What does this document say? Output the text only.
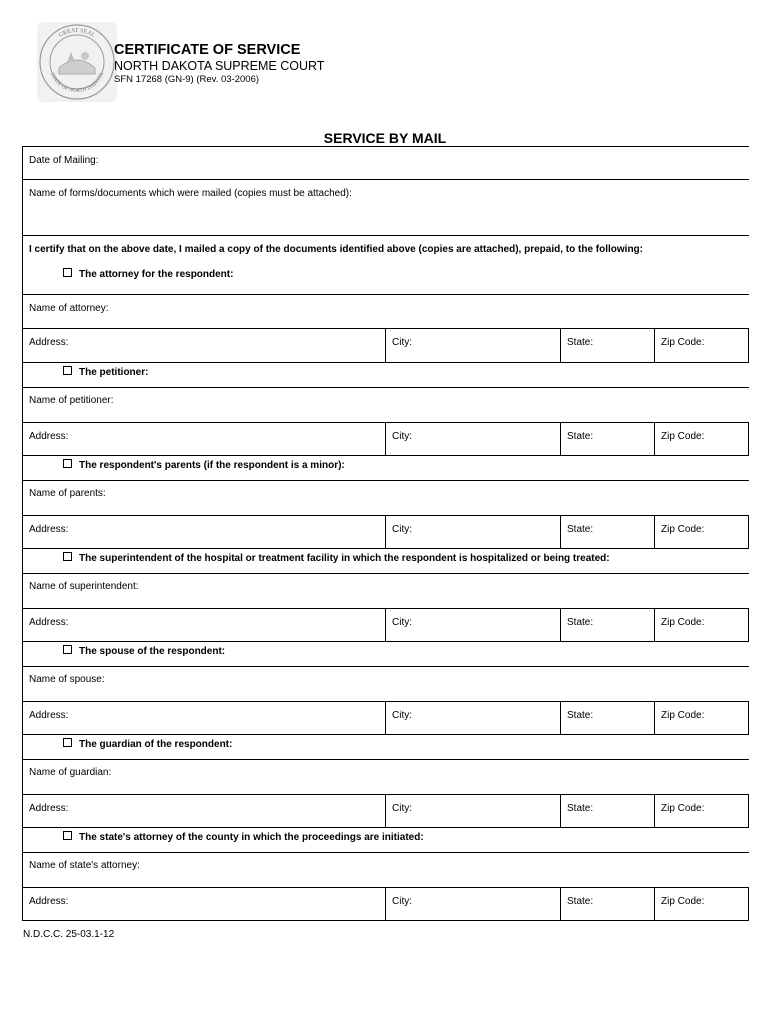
GREAT SEAL
STATE OF NORTH DAKOTA
CERTIFICATE OF SERVICE
NORTH DAKOTA SUPREME COURT
SFN 17268 (GN-9) (Rev. 03-2006)
SERVICE BY MAIL
Date of Mailing:
Name of forms/documents which were mailed (copies must be attached):
I certify that on the above date, I mailed a copy of the documents identified above (copies are attached), prepaid, to the following:
The attorney for the respondent:
Name of attorney:
Address:	City:	State:	Zip Code:
The petitioner:
Name of petitioner:
Address:	City:	State:	Zip Code:
The respondent's parents (if the respondent is a minor):
Name of parents:
Address:	City:	State:	Zip Code:
The superintendent of the hospital or treatment facility in which the respondent is hospitalized or being treated:
Name of superintendent:
Address:	City:	State:	Zip Code:
The spouse of the respondent:
Name of spouse:
Address:	City:	State:	Zip Code:
The guardian of the respondent:
Name of guardian:
Address:	City:	State:	Zip Code:
The state's attorney of the county in which the proceedings are initiated:
Name of state's attorney:
Address:	City:	State:	Zip Code:
N.D.C.C. 25-03.1-12
